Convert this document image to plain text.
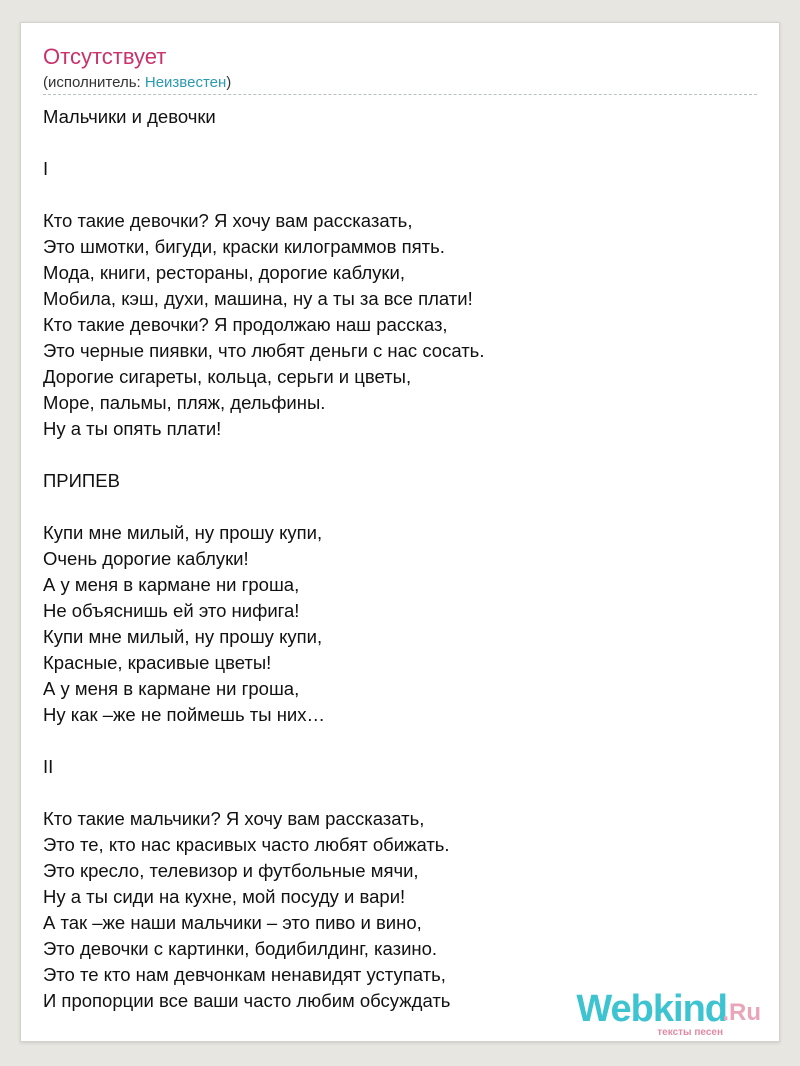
Отсутствует
(исполнитель: Неизвестен)
Мальчики и девочки
I
Кто такие девочки? Я хочу вам рассказать,
Это шмотки, бигуди, краски килограммов пять.
Мода, книги, рестораны, дорогие каблуки,
Мобила, кэш, духи, машина, ну а ты за все плати!
Кто такие девочки? Я продолжаю наш рассказ,
Это черные пиявки, что любят деньги с нас сосать.
Дорогие сигареты, кольца, серьги и цветы,
Море, пальмы, пляж, дельфины.
Ну а ты опять плати!
ПРИПЕВ
Купи мне милый, ну прошу купи,
Очень дорогие каблуки!
А у меня в кармане ни гроша,
Не объяснишь ей это нифига!
Купи мне милый, ну прошу купи,
Красные, красивые цветы!
А у меня в кармане ни гроша,
Ну как –же не поймешь ты них…
II
Кто такие мальчики? Я хочу вам рассказать,
Это те, кто нас красивых часто любят обижать.
Это кресло, телевизор и футбольные мячи,
Ну а ты сиди на кухне, мой посуду и вари!
А так –же наши мальчики – это пиво и вино,
Это девочки с картинки, бодибилдинг, казино.
Это те кто нам девчонкам ненавидят уступать,
И пропорции все ваши часто любим обсуждать	Webkind
.Ru
тексты песен
